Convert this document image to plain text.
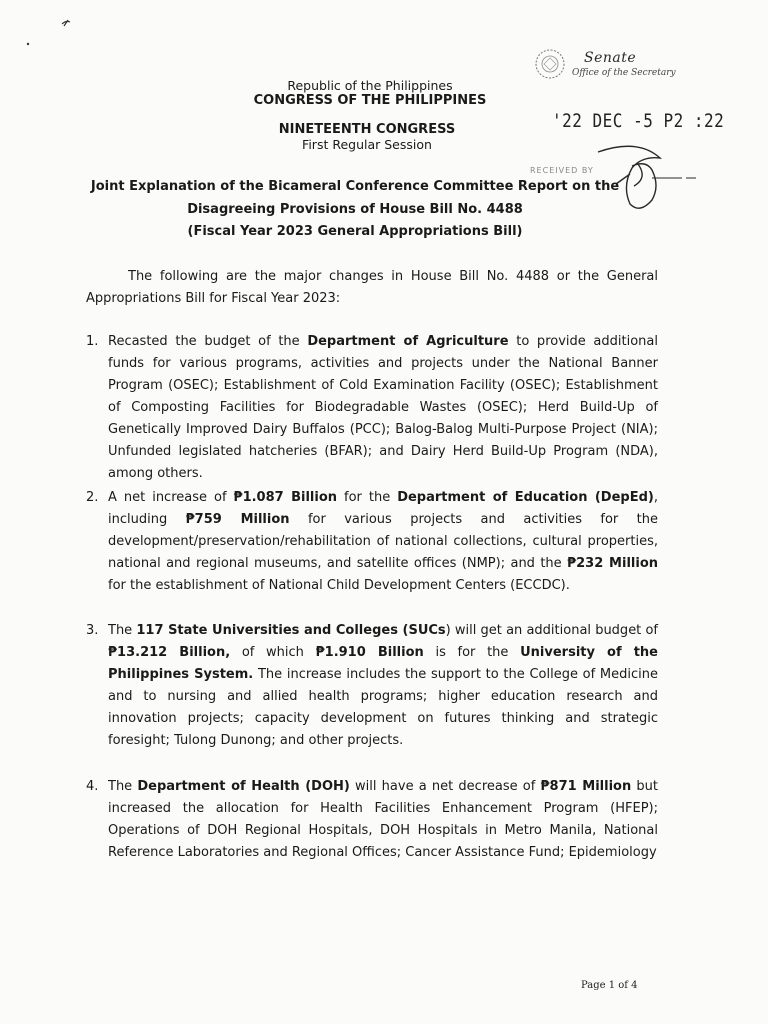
Senate
Office of the Secretary
'22 DEC -5 P2 :22
RECEIVED BY
Republic of the Philippines
CONGRESS OF THE PHILIPPINES
NINETEENTH CONGRESS
First Regular Session
Joint Explanation of the Bicameral Conference Committee Report on the
Disagreeing Provisions of House Bill No. 4488
(Fiscal Year 2023 General Appropriations Bill)
The following are the major changes in House Bill No. 4488 or the General Appropriations Bill for Fiscal Year 2023:
1. Recasted the budget of the Department of Agriculture to provide additional funds for various programs, activities and projects under the National Banner Program (OSEC); Establishment of Cold Examination Facility (OSEC); Establishment of Composting Facilities for Biodegradable Wastes (OSEC); Herd Build-Up of Genetically Improved Dairy Buffalos (PCC); Balog-Balog Multi-Purpose Project (NIA); Unfunded legislated hatcheries (BFAR); and Dairy Herd Build-Up Program (NDA), among others.
2. A net increase of ₱1.087 Billion for the Department of Education (DepEd), including ₱759 Million for various projects and activities for the development/preservation/rehabilitation of national collections, cultural properties, national and regional museums, and satellite offices (NMP); and the ₱232 Million for the establishment of National Child Development Centers (ECCDC).
3. The 117 State Universities and Colleges (SUCs) will get an additional budget of ₱13.212 Billion, of which ₱1.910 Billion is for the University of the Philippines System. The increase includes the support to the College of Medicine and to nursing and allied health programs; higher education research and innovation projects; capacity development on futures thinking and strategic foresight; Tulong Dunong; and other projects.
4. The Department of Health (DOH) will have a net decrease of ₱871 Million but increased the allocation for Health Facilities Enhancement Program (HFEP); Operations of DOH Regional Hospitals, DOH Hospitals in Metro Manila, National Reference Laboratories and Regional Offices; Cancer Assistance Fund; Epidemiology
Page 1 of 4
